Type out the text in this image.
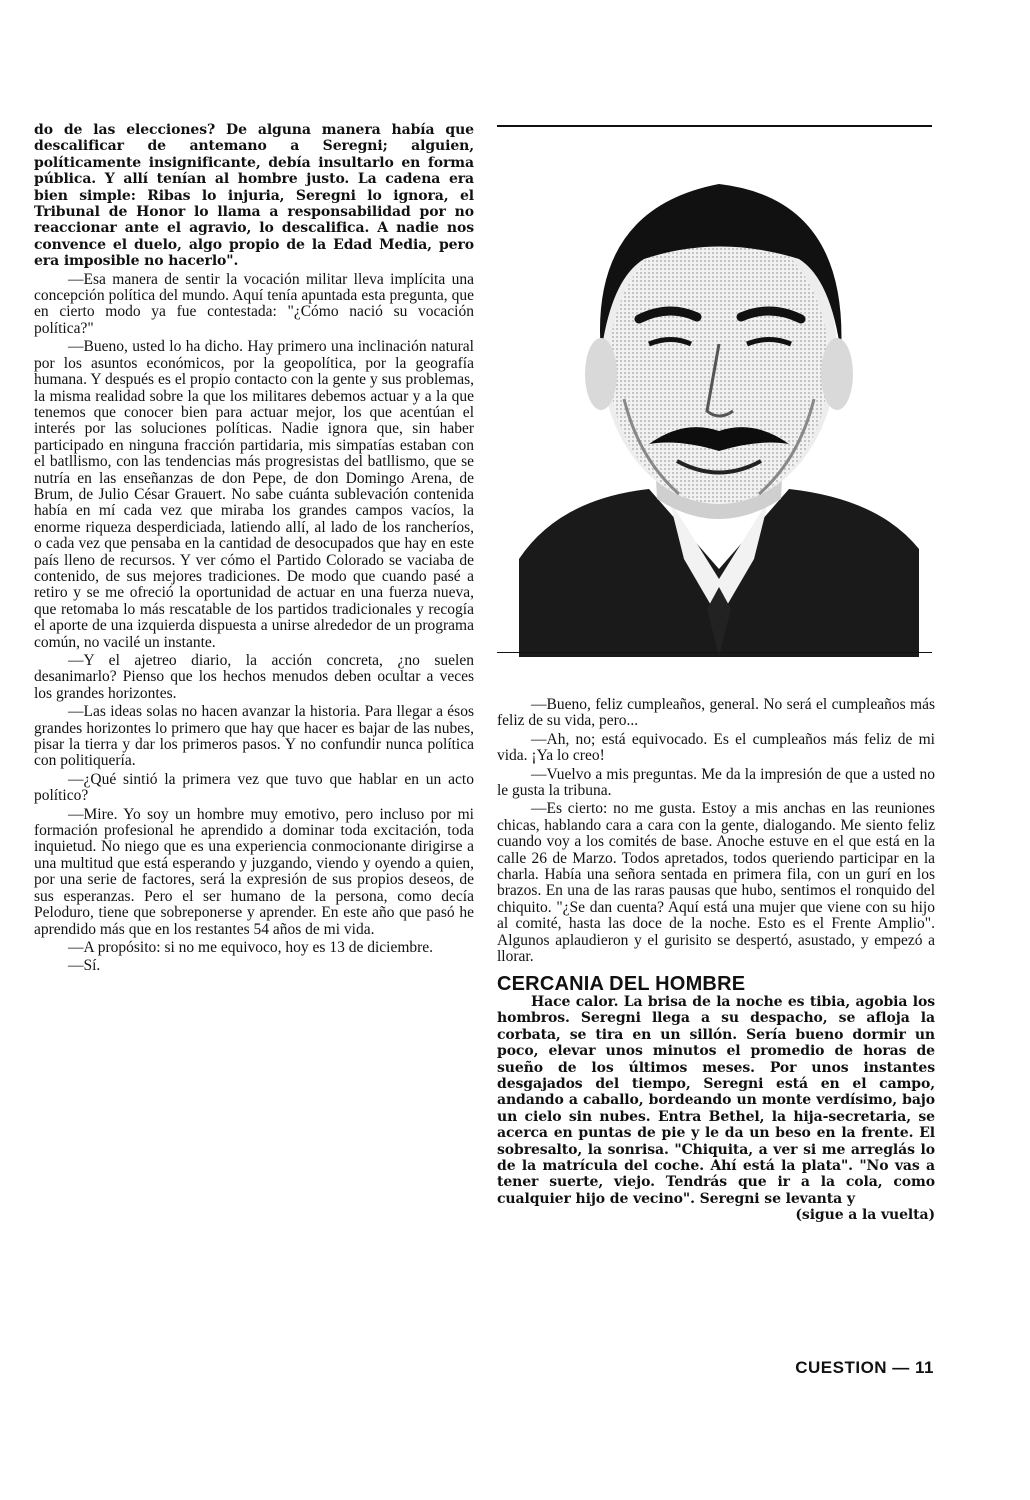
do de las elecciones? De alguna manera había que descalificar de antemano a Seregni; alguien, políticamente insignificante, debía insultarlo en forma pública. Y allí tenían al hombre justo. La cadena era bien simple: Ribas lo injuria, Seregni lo ignora, el Tribunal de Honor lo llama a responsabilidad por no reaccionar ante el agravio, lo descalifica. A nadie nos convence el duelo, algo propio de la Edad Media, pero era imposible no hacerlo".

—Esa manera de sentir la vocación militar lleva implícita una concepción política del mundo. Aquí tenía apuntada esta pregunta, que en cierto modo ya fue contestada: "¿Cómo nació su vocación política?"

—Bueno, usted lo ha dicho. Hay primero una inclinación natural por los asuntos económicos, por la geopolítica, por la geografía humana. Y después es el propio contacto con la gente y sus problemas, la misma realidad sobre la que los militares debemos actuar y a la que tenemos que conocer bien para actuar mejor, los que acentúan el interés por las soluciones políticas. Nadie ignora que, sin haber participado en ninguna fracción partidaria, mis simpatías estaban con el batllismo, con las tendencias más progresistas del batllismo, que se nutría en las enseñanzas de don Pepe, de don Domingo Arena, de Brum, de Julio César Grauert. No sabe cuánta sublevación contenida había en mí cada vez que miraba los grandes campos vacíos, la enorme riqueza desperdiciada, latiendo allí, al lado de los rancheríos, o cada vez que pensaba en la cantidad de desocupados que hay en este país lleno de recursos. Y ver cómo el Partido Colorado se vaciaba de contenido, de sus mejores tradiciones. De modo que cuando pasé a retiro y se me ofreció la oportunidad de actuar en una fuerza nueva, que retomaba lo más rescatable de los partidos tradicionales y recogía el aporte de una izquierda dispuesta a unirse alrededor de un programa común, no vacilé un instante.

—Y el ajetreo diario, la acción concreta, ¿no suelen desanimarlo? Pienso que los hechos menudos deben ocultar a veces los grandes horizontes.

—Las ideas solas no hacen avanzar la historia. Para llegar a ésos grandes horizontes lo primero que hay que hacer es bajar de las nubes, pisar la tierra y dar los primeros pasos. Y no confundir nunca política con politiquería.

—¿Qué sintió la primera vez que tuvo que hablar en un acto político?

—Mire. Yo soy un hombre muy emotivo, pero incluso por mi formación profesional he aprendido a dominar toda excitación, toda inquietud. No niego que es una experiencia conmocionante dirigirse a una multitud que está esperando y juzgando, viendo y oyendo a quien, por una serie de factores, será la expresión de sus propios deseos, de sus esperanzas. Pero el ser humano de la persona, como decía Peloduro, tiene que sobreponerse y aprender. En este año que pasó he aprendido más que en los restantes 54 años de mi vida.

—A propósito: si no me equivoco, hoy es 13 de diciembre.

—Sí.

—Bueno, feliz cumpleaños, general. No será el cumpleaños más feliz de su vida, pero...

—Ah, no; está equivocado. Es el cumpleaños más feliz de mi vida. ¡Ya lo creo!

—Vuelvo a mis preguntas. Me da la impresión de que a usted no le gusta la tribuna.

—Es cierto: no me gusta. Estoy a mis anchas en las reuniones chicas, hablando cara a cara con la gente, dialogando. Me siento feliz cuando voy a los comités de base. Anoche estuve en el que está en la calle 26 de Marzo. Todos apretados, todos queriendo participar en la charla. Había una señora sentada en primera fila, con un gurí en los brazos. En una de las raras pausas que hubo, sentimos el ronquido del chiquito. "¿Se dan cuenta? Aquí está una mujer que viene con su hijo al comité, hasta las doce de la noche. Esto es el Frente Amplio". Algunos aplaudieron y el gurisito se despertó, asustado, y empezó a llorar.

CERCANIA DEL HOMBRE

Hace calor. La brisa de la noche es tibia, agobia los hombros. Seregni llega a su despacho, se afloja la corbata, se tira en un sillón. Sería bueno dormir un poco, elevar unos minutos el promedio de horas de sueño de los últimos meses. Por unos instantes desgajados del tiempo, Seregni está en el campo, andando a caballo, bordeando un monte verdísimo, bajo un cielo sin nubes. Entra Bethel, la hija-secretaria, se acerca en puntas de pie y le da un beso en la frente. El sobresalto, la sonrisa. "Chiquita, a ver si me arreglás lo de la matrícula del coche. Ahí está la plata". "No vas a tener suerte, viejo. Tendrás que ir a la cola, como cualquier hijo de vecino". Seregni se levanta y

(sigue a la vuelta)

CUESTION — 11
